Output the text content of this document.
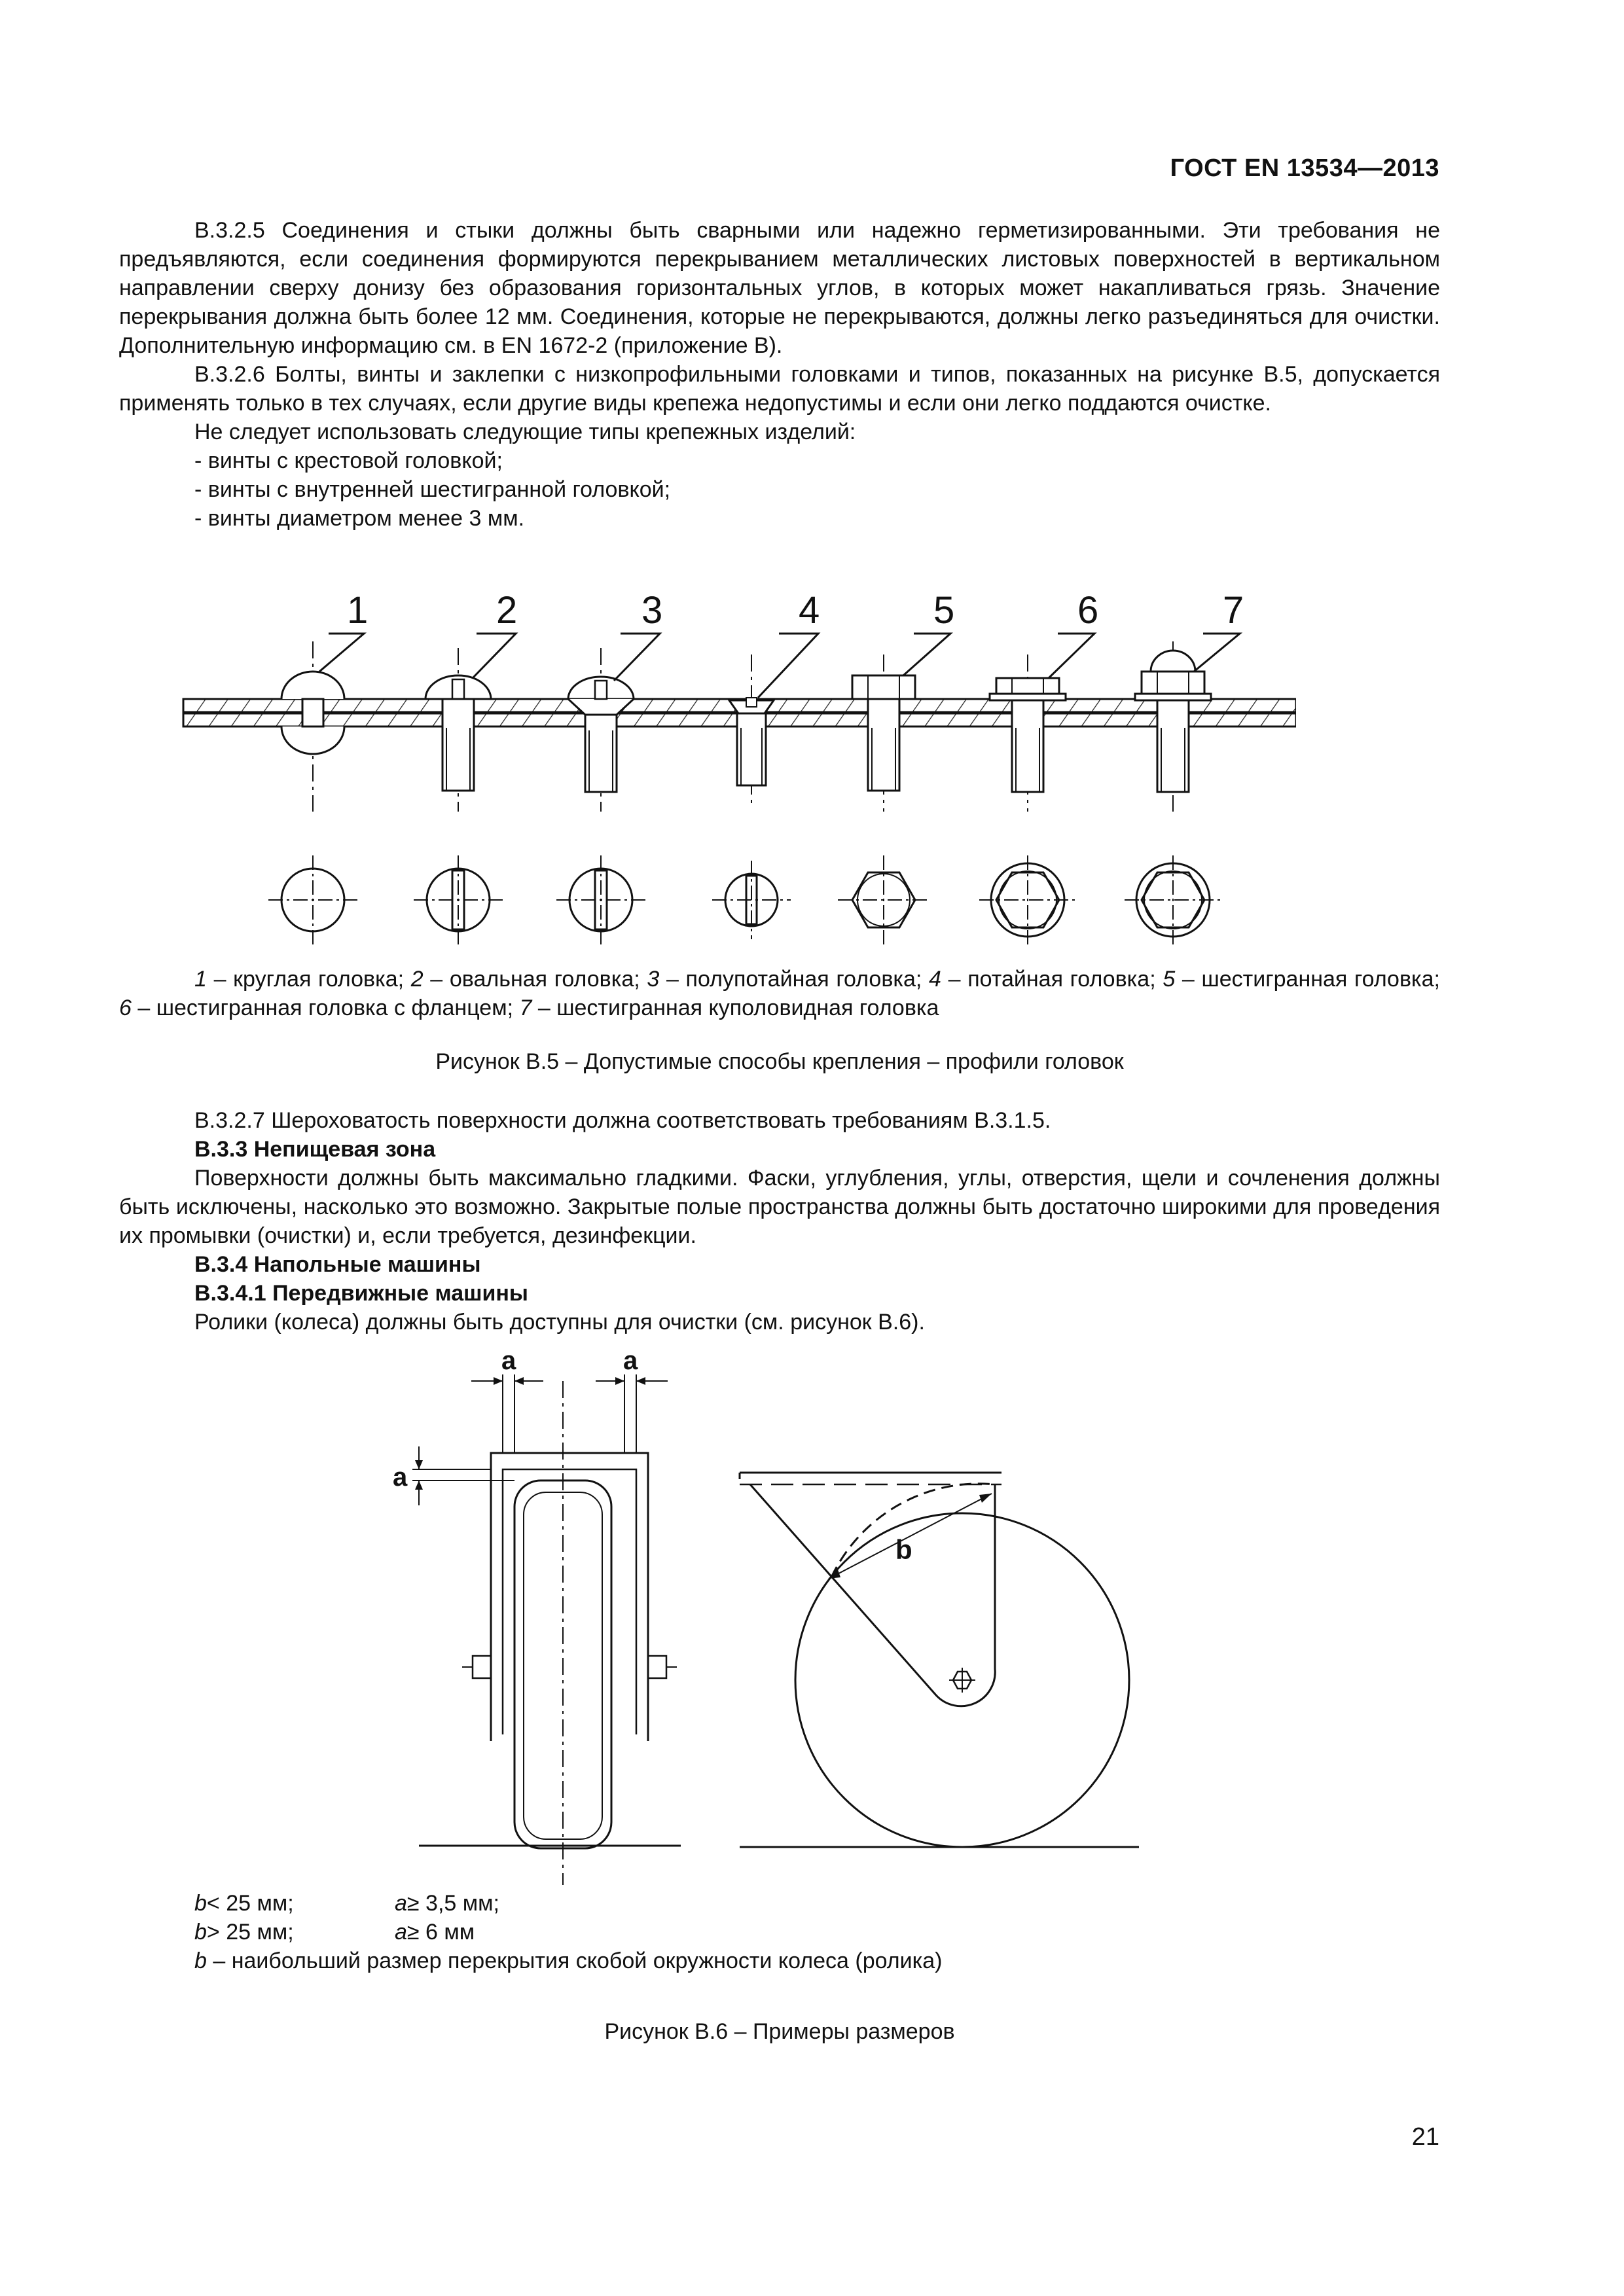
ГОСТ EN 13534—2013

В.3.2.5 Соединения и стыки должны быть сварными или надежно герметизированными. Эти требования не предъявляются, если соединения формируются перекрыванием металлических листовых поверхностей в вертикальном направлении сверху донизу без образования горизонтальных углов, в которых может накапливаться грязь. Значение перекрывания должна быть более 12 мм. Соединения, которые не перекрываются, должны легко разъединяться для очистки. Дополнительную информацию см. в EN 1672-2 (приложение В).

В.3.2.6 Болты, винты и заклепки с низкопрофильными головками и типов, показанных на рисунке В.5, допускается применять только в тех случаях, если другие виды крепежа недопустимы и если они легко поддаются очистке.

Не следует использовать следующие типы крепежных изделий:

- винты с крестовой головкой;

- винты с внутренней шестигранной головкой;

- винты диаметром менее 3 мм.

1	2	3	4	5	6	7

1 – круглая головка; 2 – овальная головка; 3 – полупотайная головка; 4 – потайная головка; 5 – шестигранная головка; 6 – шестигранная головка с фланцем; 7 – шестигранная куполовидная головка

Рисунок В.5 – Допустимые способы крепления – профили головок

В.3.2.7 Шероховатость поверхности должна соответствовать требованиям В.3.1.5.

В.3.3 Непищевая зона

Поверхности должны быть максимально гладкими. Фаски, углубления, углы, отверстия, щели и сочленения должны быть исключены, насколько это возможно. Закрытые полые пространства должны быть достаточно широкими для проведения их промывки (очистки) и, если требуется, дезинфекции.

В.3.4 Напольные машины

В.3.4.1 Передвижные машины

Ролики (колеса) должны быть доступны для очистки (см. рисунок В.6).

a	a
a
b
b< 25 мм;	a≥ 3,5 мм;
b> 25 мм;	a≥ 6 мм

b – наибольший размер перекрытия скобой окружности колеса (ролика)

Рисунок В.6 – Примеры размеров
21
